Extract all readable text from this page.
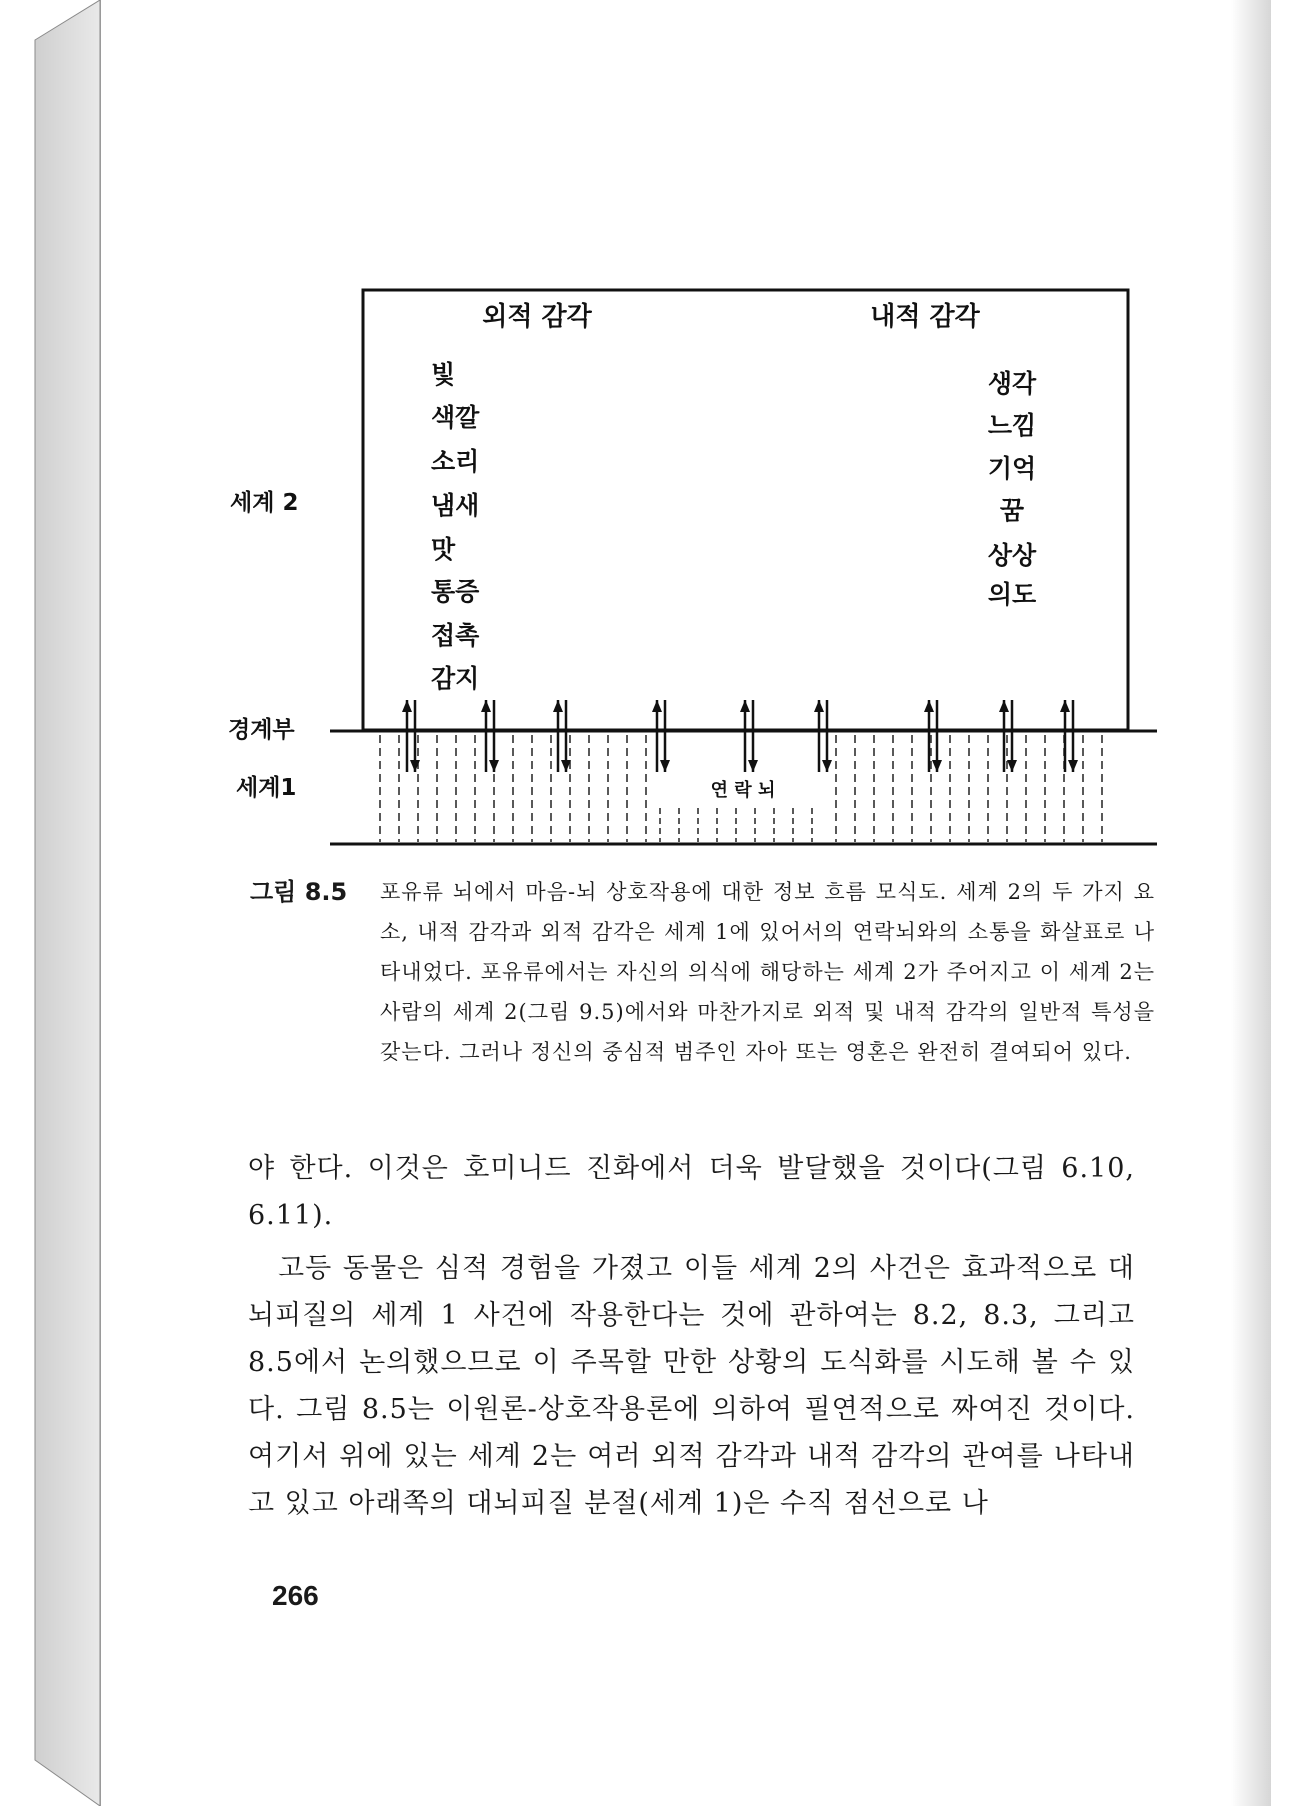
연 락 뇌
외적 감각	내적 감각
빛
색깔
소리
냄새
맛
통증
접촉
감지
생각
느낌
기억
꿈
상상
의도
세계 2
경계부
세계1
그림 8.5 포유류 뇌에서 마음-뇌 상호작용에 대한 정보 흐름 모식도. 세계 2의 두 가지 요소, 내적 감각과 외적 감각은 세계 1에 있어서의 연락뇌와의 소통을 화살표로 나타내었다. 포유류에서는 자신의 의식에 해당하는 세계 2가 주어지고 이 세계 2는 사람의 세계 2(그림 9.5)에서와 마찬가지로 외적 및 내적 감각의 일반적 특성을 갖는다. 그러나 정신의 중심적 범주인 자아 또는 영혼은 완전히 결여되어 있다.

야 한다. 이것은 호미니드 진화에서 더욱 발달했을 것이다(그림 6.10, 6.11).

고등 동물은 심적 경험을 가졌고 이들 세계 2의 사건은 효과적으로 대뇌피질의 세계 1 사건에 작용한다는 것에 관하여는 8.2, 8.3, 그리고 8.5에서 논의했으므로 이 주목할 만한 상황의 도식화를 시도해 볼 수 있다. 그림 8.5는 이원론-상호작용론에 의하여 필연적으로 짜여진 것이다. 여기서 위에 있는 세계 2는 여러 외적 감각과 내적 감각의 관여를 나타내고 있고 아래쪽의 대뇌피질 분절(세계 1)은 수직 점선으로 나

266
